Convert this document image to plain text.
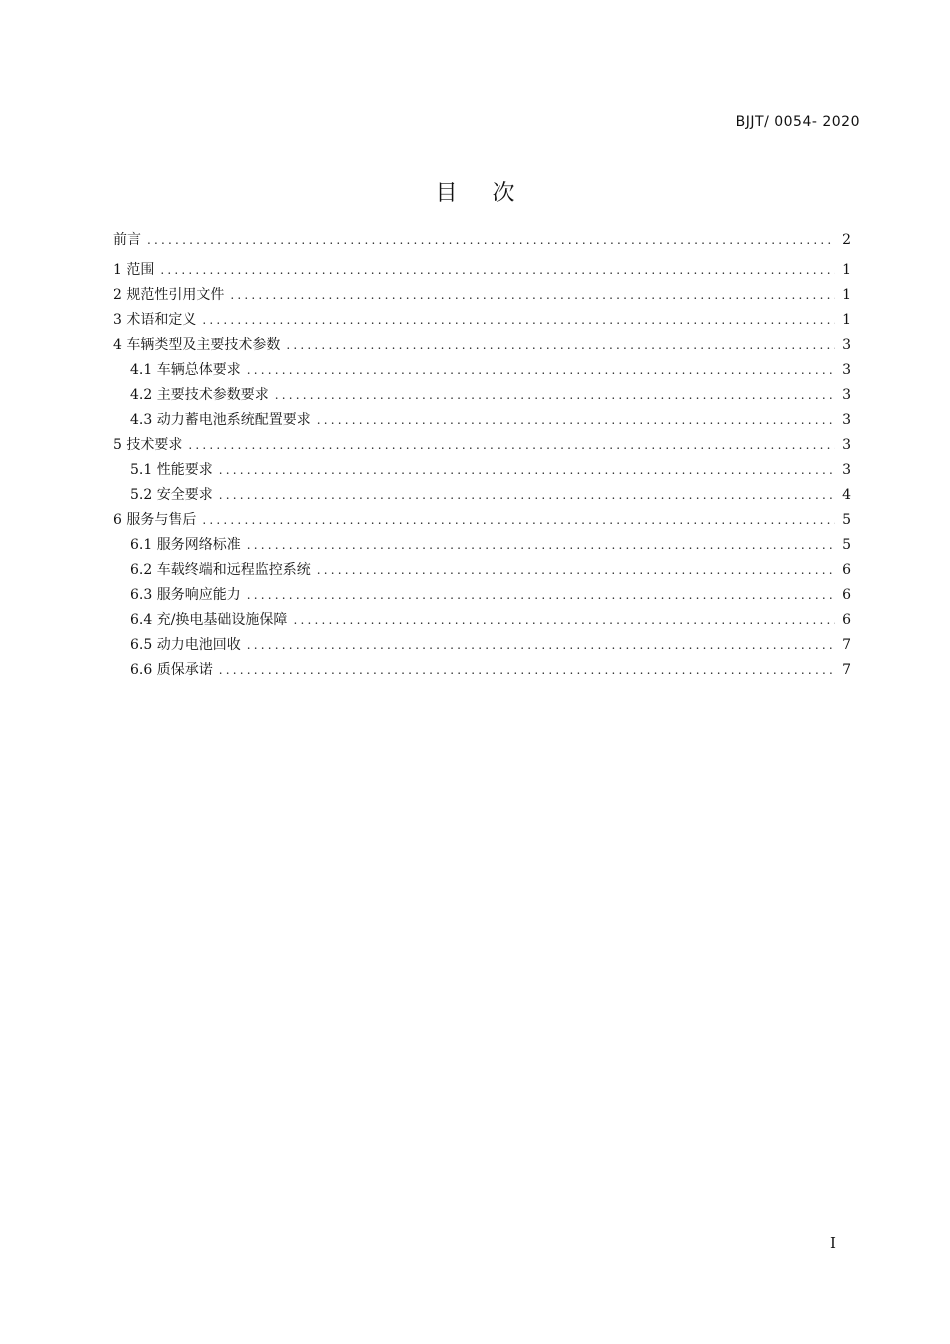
BJJT/ 0054- 2020
目 次
前言 .....	2
1 范围 .....	1
2 规范性引用文件 .....	1
3 术语和定义 .....	1
4 车辆类型及主要技术参数 .....	3
4.1 车辆总体要求 .....	3
4.2 主要技术参数要求 .....	3
4.3 动力蓄电池系统配置要求 .....	3
5 技术要求 .....	3
5.1 性能要求 .....	3
5.2 安全要求 .....	4
6 服务与售后 .....	5
6.1 服务网络标准 .....	5
6.2 车载终端和远程监控系统 .....	6
6.3 服务响应能力 .....	6
6.4 充/换电基础设施保障 .....	6
6.5 动力电池回收 .....	7
6.6 质保承诺 .....	7
I
